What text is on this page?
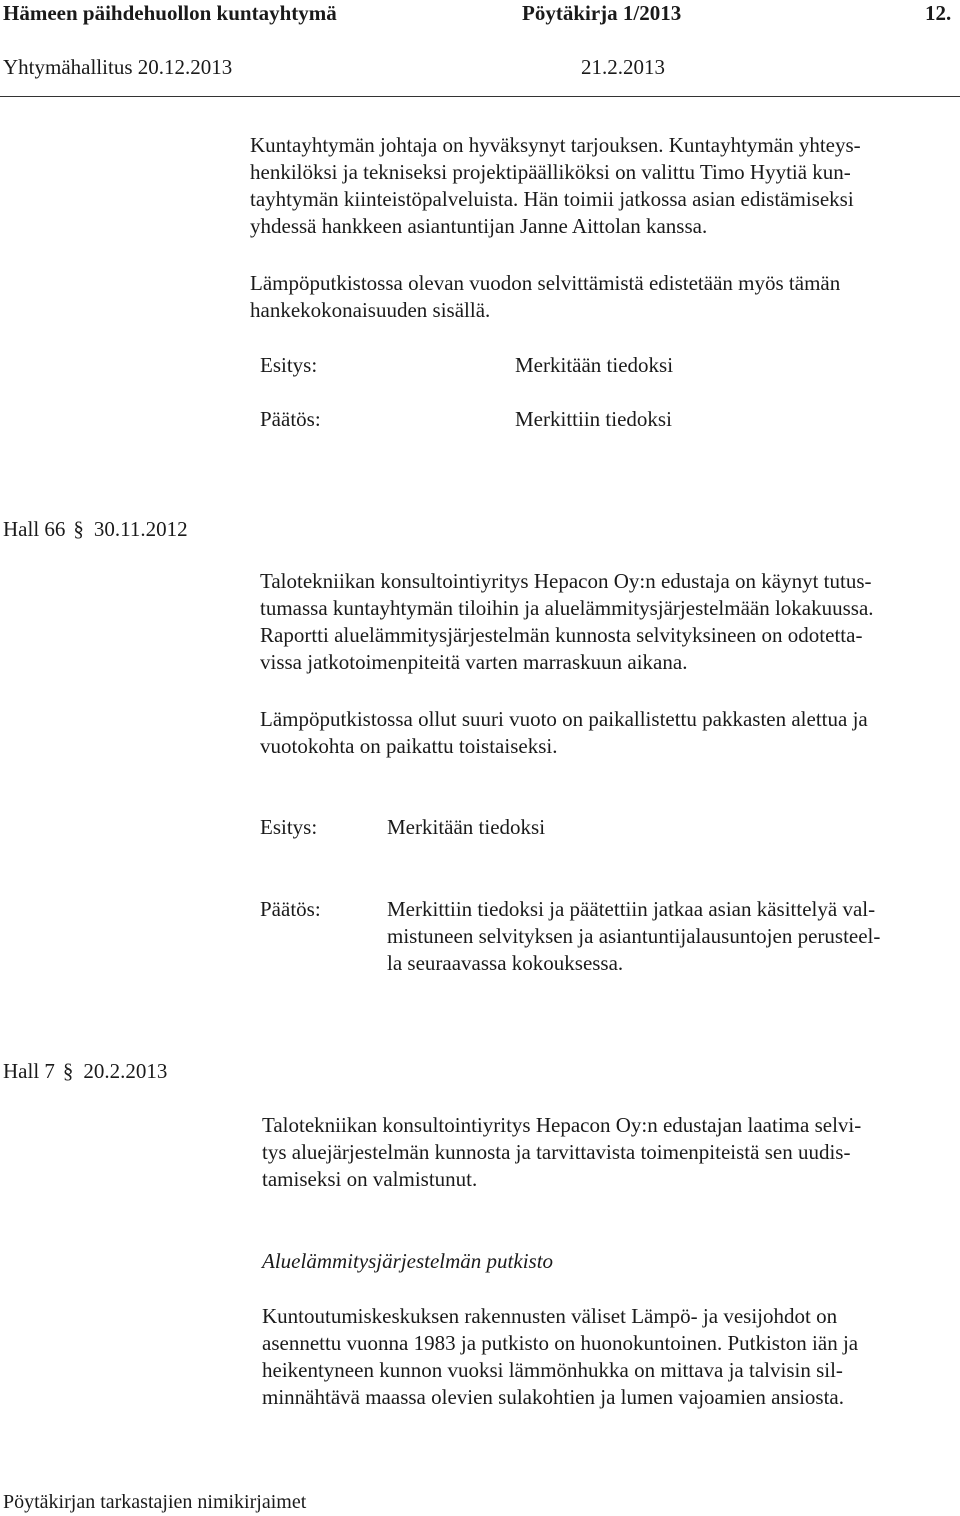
Hämeen päihdehuollon kuntayhtymä	Pöytäkirja 1/2013	12.
Yhtymähallitus 20.12.2013	21.2.2013
Kuntayhtymän johtaja on hyväksynyt tarjouksen. Kuntayhtymän yhteys-
henkilöksi ja tekniseksi projektipäälliköksi on valittu Timo Hyytiä kun-
tayhtymän kiinteistöpalveluista. Hän toimii jatkossa asian edistämiseksi
yhdessä hankkeen asiantuntijan Janne Aittolan kanssa.
Lämpöputkistossa olevan vuodon selvittämistä edistetään myös tämän
hankekokonaisuuden sisällä.
Esitys:	Merkitään tiedoksi
Päätös:	Merkittiin tiedoksi
Hall 66 § 30.11.2012
Talotekniikan konsultointiyritys Hepacon Oy:n edustaja on käynyt tutus-
tumassa kuntayhtymän tiloihin ja aluelämmitysjärjestelmään lokakuussa.
Raportti aluelämmitysjärjestelmän kunnosta selvityksineen on odotetta-
vissa jatkotoimenpiteitä varten marraskuun aikana.
Lämpöputkistossa ollut suuri vuoto on paikallistettu pakkasten alettua ja
vuotokohta on paikattu toistaiseksi.
Esitys:	Merkitään tiedoksi
Päätös:	Merkittiin tiedoksi ja päätettiin jatkaa asian käsittelyä val-
mistuneen selvityksen ja asiantuntijalausuntojen perusteel-
la seuraavassa kokouksessa.
Hall 7 § 20.2.2013
Talotekniikan konsultointiyritys Hepacon Oy:n edustajan laatima selvi-
tys aluejärjestelmän kunnosta ja tarvittavista toimenpiteistä sen uudis-
tamiseksi on valmistunut.
Aluelämmitysjärjestelmän putkisto
Kuntoutumiskeskuksen rakennusten väliset Lämpö- ja vesijohdot on
asennettu vuonna 1983 ja putkisto on huonokuntoinen. Putkiston iän ja
heikentyneen kunnon vuoksi lämmönhukka on mittava ja talvisin sil-
minnähtävä maassa olevien sulakohtien ja lumen vajoamien ansiosta.
Pöytäkirjan tarkastajien nimikirjaimet
